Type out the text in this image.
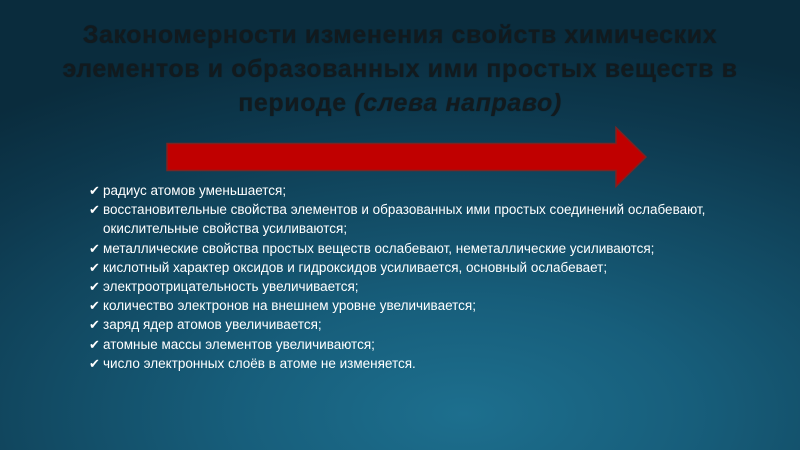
Закономерности изменения свойств химических элементов и образованных ими простых веществ в периоде (слева направо)
✔ радиус атомов уменьшается;
✔ восстановительные свойства элементов и образованных ими простых соединений ослабевают, окислительные свойства усиливаются;
✔ металлические свойства простых веществ ослабевают, неметаллические усиливаются;
✔ кислотный характер оксидов и гидроксидов усиливается, основный ослабевает;
✔ электроотрицательность увеличивается;
✔ количество электронов на внешнем уровне увеличивается;
✔ заряд ядер атомов увеличивается;
✔ атомные массы элементов увеличиваются;
✔ число электронных слоёв в атоме не изменяется.
